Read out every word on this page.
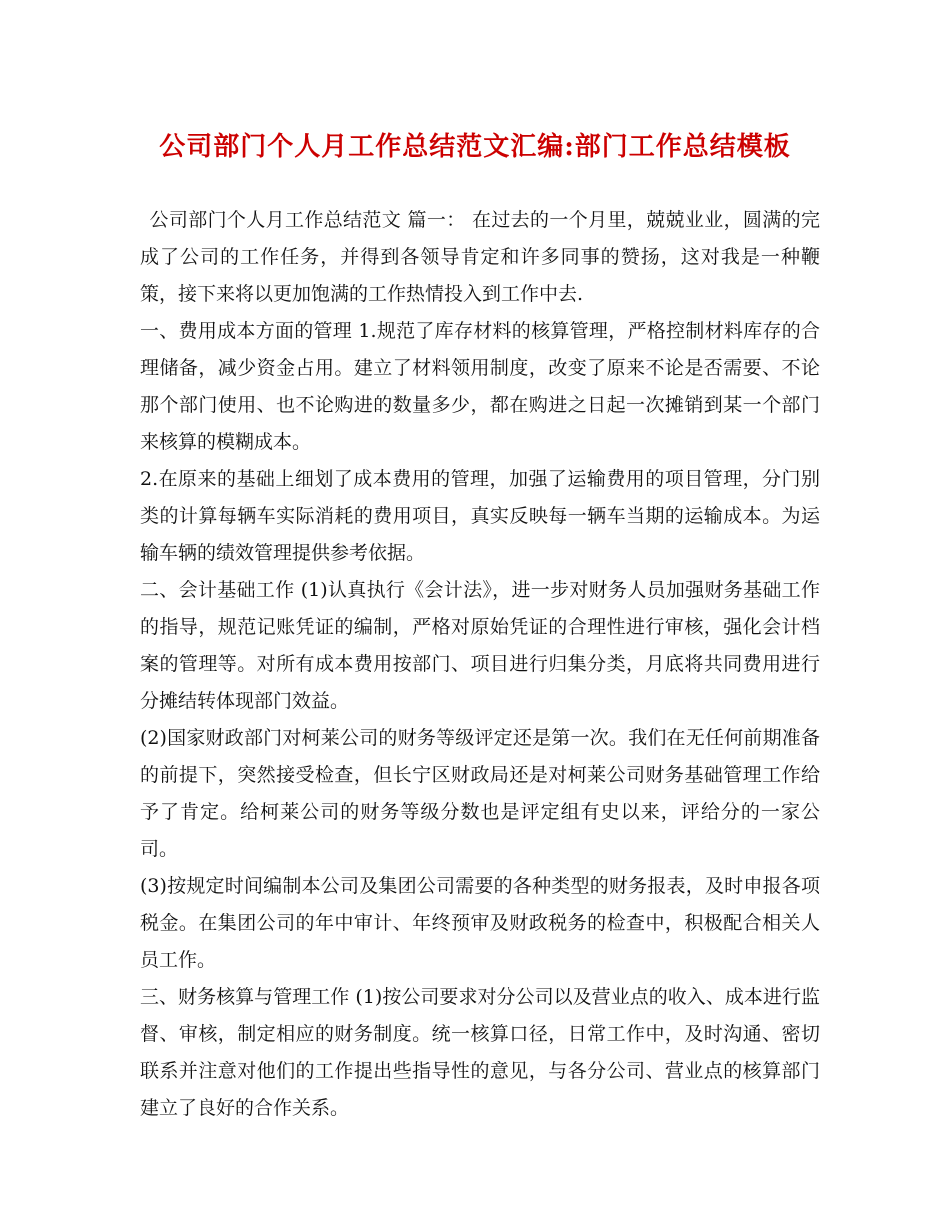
公司部门个人月工作总结范文汇编:部门工作总结模板

公司部门个人月工作总结范文 篇一： 在过去的一个月里，兢兢业业，圆满的完成了公司的工作任务，并得到各领导肯定和许多同事的赞扬，这对我是一种鞭策，接下来将以更加饱满的工作热情投入到工作中去.

一、费用成本方面的管理 1.规范了库存材料的核算管理，严格控制材料库存的合理储备，减少资金占用。建立了材料领用制度，改变了原来不论是否需要、不论那个部门使用、也不论购进的数量多少，都在购进之日起一次摊销到某一个部门来核算的模糊成本。

2.在原来的基础上细划了成本费用的管理，加强了运输费用的项目管理，分门别类的计算每辆车实际消耗的费用项目，真实反映每一辆车当期的运输成本。为运输车辆的绩效管理提供参考依据。

二、会计基础工作 (1)认真执行《会计法》，进一步对财务人员加强财务基础工作的指导，规范记账凭证的编制，严格对原始凭证的合理性进行审核，强化会计档案的管理等。对所有成本费用按部门、项目进行归集分类，月底将共同费用进行分摊结转体现部门效益。

(2)国家财政部门对柯莱公司的财务等级评定还是第一次。我们在无任何前期准备的前提下，突然接受检查，但长宁区财政局还是对柯莱公司财务基础管理工作给予了肯定。给柯莱公司的财务等级分数也是评定组有史以来，评给分的一家公司。

(3)按规定时间编制本公司及集团公司需要的各种类型的财务报表，及时申报各项税金。在集团公司的年中审计、年终预审及财政税务的检查中，积极配合相关人员工作。

三、财务核算与管理工作 (1)按公司要求对分公司以及营业点的收入、成本进行监督、审核，制定相应的财务制度。统一核算口径，日常工作中，及时沟通、密切联系并注意对他们的工作提出些指导性的意见，与各分公司、营业点的核算部门建立了良好的合作关系。
